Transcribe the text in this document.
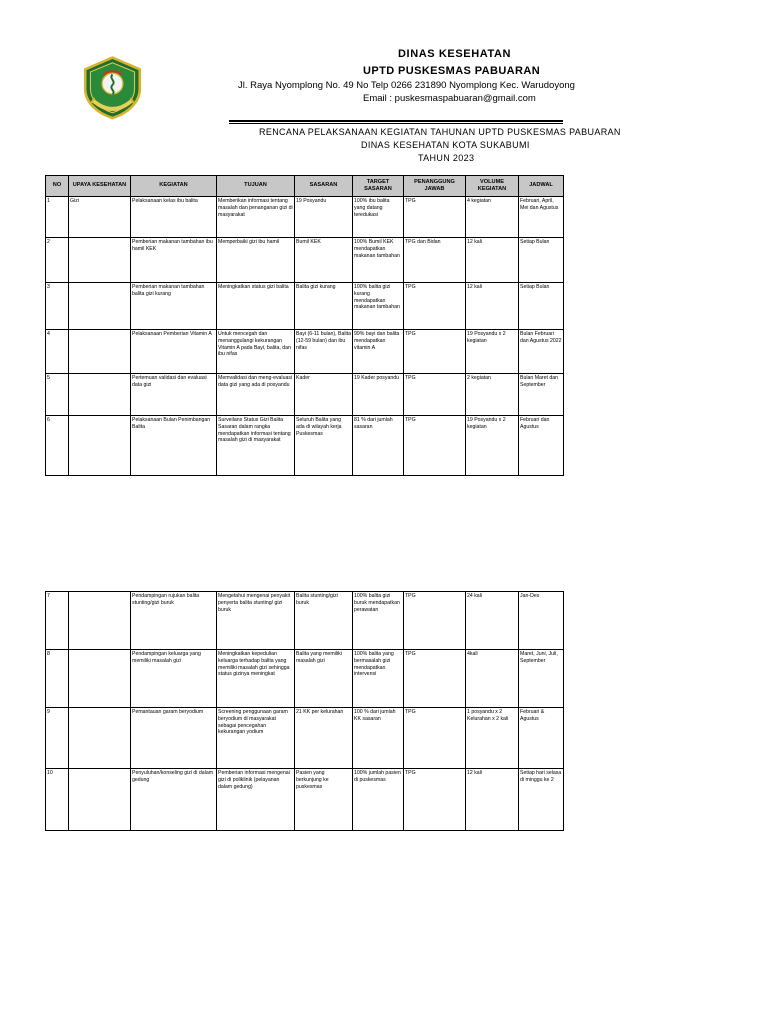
DINAS KESEHATAN
UPTD PUSKESMAS PABUARAN
Jl. Raya Nyomplong No. 49 No Telp 0266 231890 Nyomplong Kec. Warudoyong
Email : puskesmaspabuaran@gmail.com
RENCANA PELAKSANAAN KEGIATAN TAHUNAN UPTD PUSKESMAS PABUARAN
DINAS KESEHATAN KOTA SUKABUMI
TAHUN 2023
NO	UPAYA KESEHATAN	KEGIATAN	TUJUAN	SASARAN	TARGET SASARAN	PENANGGUNG JAWAB	VOLUME KEGIATAN	JADWAL
1	Gizi	Pelaksanaan kelas ibu balita	Memberikan informasi tentang masalah dan penanganan gizi di masyarakat	19 Posyandu	100% ibu balita yang datang teredukasi	TPG	4 kegiatan	Februari, April, Mei dan Agustus
2		Pemberian makanan tambahan ibu hamil KEK	Memperbaiki gizi ibu hamil	Bumil KEK	100% Bumil KEK mendapatkan makanan tambahan	TPG dan Bidan	12 kali	Setiap Bulan
3		Pemberian makanan tambahan balita gizi kurang	Meningkatkan status gizi balita	Balita gizi kurang	100% balita gizi kurang mendapatkan makanan tambahan	TPG	12 kali	Setiap Bulan
4		Pelaksanaan Pemberian Vitamin A	Untuk mencegah dan menanggulangi kekurangan Vitamin A pada Bayi, balita, dan ibu nifas	Bayi (6-11 bulan), Balita (12-59 bulan) dan ibu nifas	99% bayi dan balita mendapatkan vitamin A	TPG	19 Posyandu x 2 kegiatan	Bulan Februari dan Agustus 2022
5		Pertemuan validasi dan evaluasi data gizi	Memvalidasi dan meng-evaluasi data gizi yang ada di posyandu	Kader	19 Kader posyandu	TPG	2 kegiatan	Bulan Maret dan September
6		Pelaksanaan Bulan Penimbangan Balita	Surveilans Status Gizi Balita Sasaran dalam rangka mendapatkan informasi tentang masalah gizi di masyarakat	Seluruh Balita yang ada di wilayah kerja Puskesmas	81 % dari jumlah sasaran	TPG	19 Posyandu x 2 kegiatan	Februari dan Agustus
7		Pendampingan rujukan balita stunting/gizi buruk	Mengetahui mengenai penyakit penyerta balita stunting/ gizi buruk	Balita stunting/gizi buruk	100% balita gizi buruk mendapatkan perawatan	TPG	24 kali	Jan-Des
8		Pendampingan keluarga yang memiliki masalah gizi	Meningkatkan kepedulian keluarga terhadap balita yang memiliki masalah gizi sehingga status gizinya meningkat	Balita yang memiliki masalah gizi	100% balita yang bermasalah gizi mendapatkan intervensi	TPG	4kali	Maret, Juni, Juli, September
9		Pemantauan garam beryodium	Screening penggunaan garam beryodium di masyarakat sebagai pencegahan kekurangan yodium	21 KK per kelurahan	100 % dari jumlah KK sasaran	TPG	1 posyandu x 2 Kelurahan x 2 kali	Februari & Agustus
10		Penyuluhan/konseling gizi di dalam gedung	Pemberian informasi mengenai gizi di poliklinik (pelayanan dalam gedung)	Pasien yang berkunjung ke puskesmas	100% jumlah pasien di puskesmas	TPG	12 kali	Setiap hari selasa di minggu ke 2
